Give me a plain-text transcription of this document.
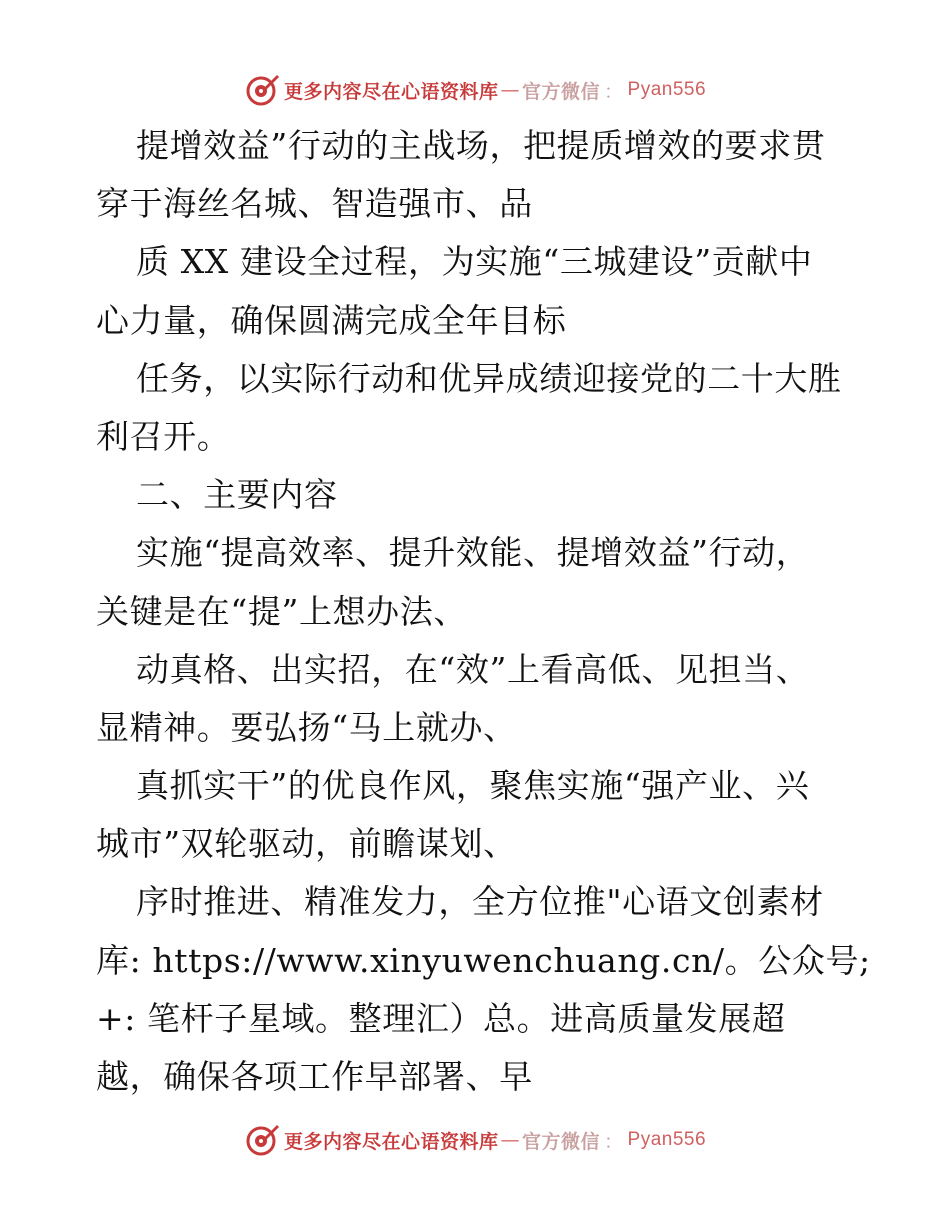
更多内容尽在心语资料库 — 官方微信 ： Pyan556
提增效益”行动的主战场，把提质增效的要求贯
穿于海丝名城、智造强市、品
质 XX 建设全过程，为实施“三城建设”贡献中
心力量，确保圆满完成全年目标
任务，以实际行动和优异成绩迎接党的二十大胜
利召开。
二、主要内容
实施“提高效率、提升效能、提增效益”行动，
关键是在“提”上想办法、
动真格、出实招，在“效”上看高低、见担当、
显精神。要弘扬“马上就办、
真抓实干”的优良作风，聚焦实施“强产业、兴
城市”双轮驱动，前瞻谋划、
序时推进、精准发力，全方位推"心语文创素材
库: https://www.xinyuwenchuang.cn/。公众号;
+: 笔杆子星域。整理汇）总。进高质量发展超
越，确保各项工作早部署、早
更多内容尽在心语资料库 — 官方微信 ： Pyan556
